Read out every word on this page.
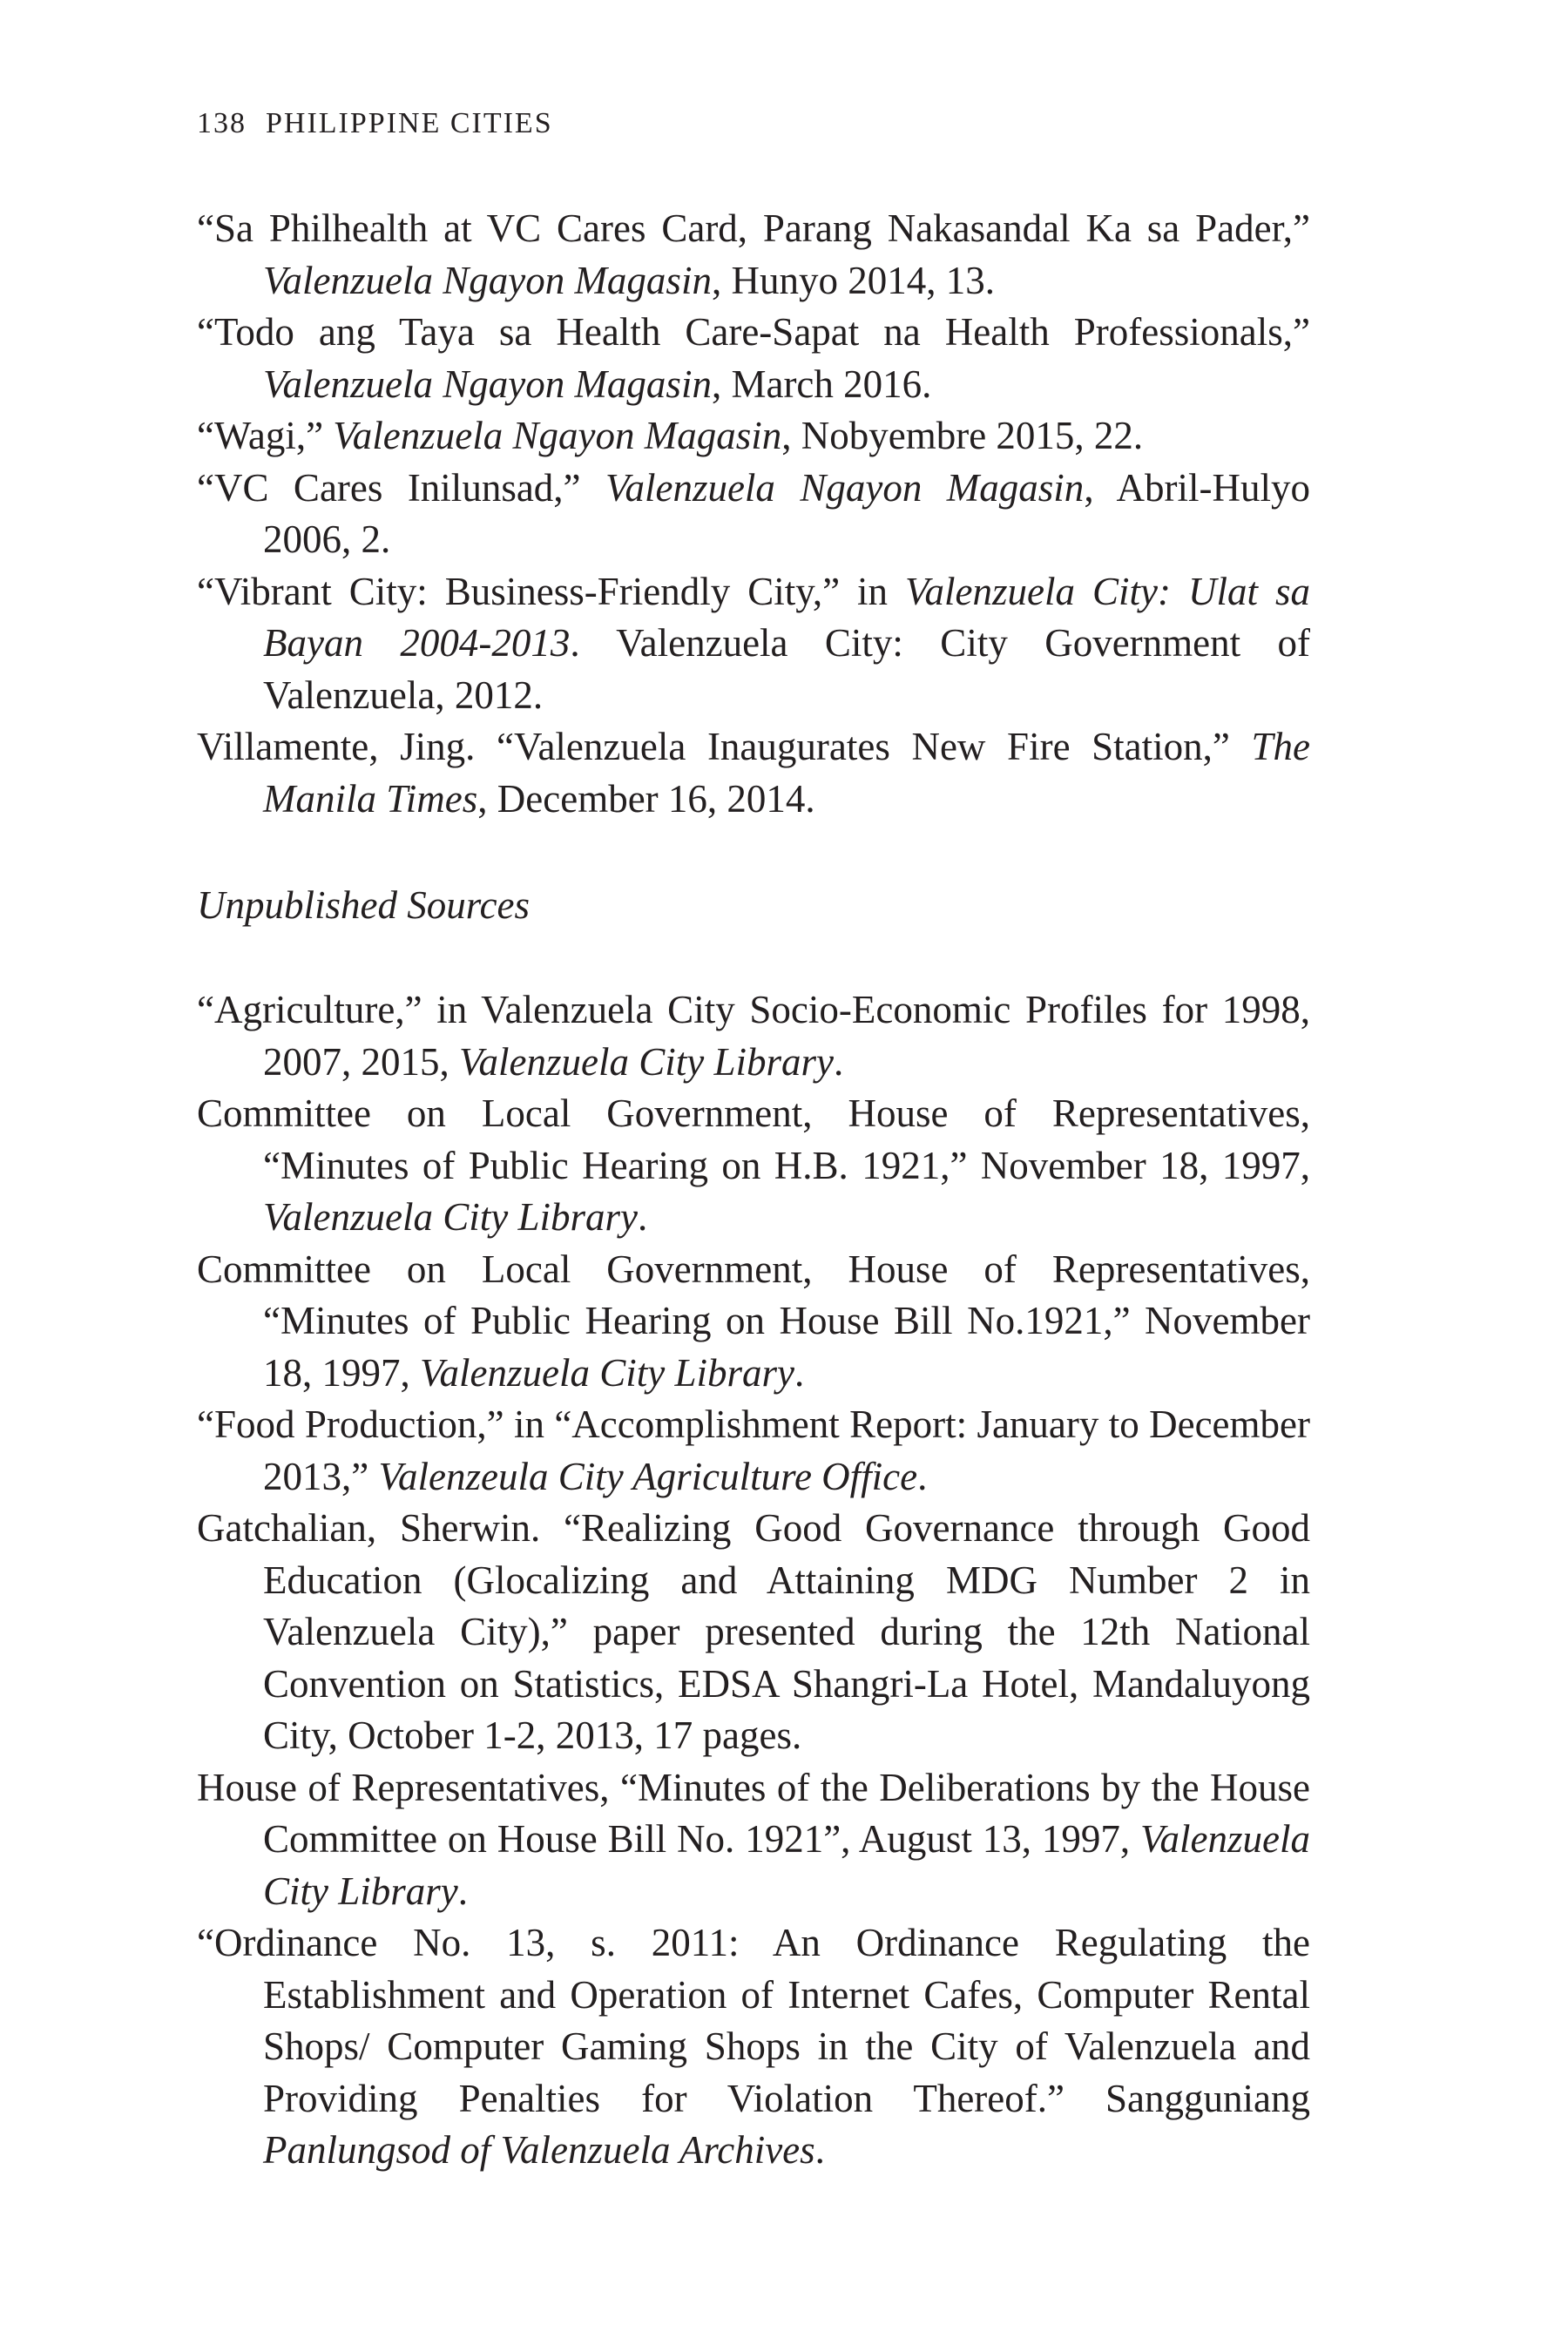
138 PHILIPPINE CITIES

“Sa Philhealth at VC Cares Card, Parang Nakasandal Ka sa Pader,” Valenzuela Ngayon Magasin, Hunyo 2014, 13.

“Todo ang Taya sa Health Care-Sapat na Health Professionals,” Valenzuela Ngayon Magasin, March 2016.

“Wagi,” Valenzuela Ngayon Magasin, Nobyembre 2015, 22.

“VC Cares Inilunsad,” Valenzuela Ngayon Magasin, Abril-Hulyo 2006, 2.

“Vibrant City: Business-Friendly City,” in Valenzuela City: Ulat sa Bayan 2004-2013. Valenzuela City: City Government of Valenzuela, 2012.

Villamente, Jing. “Valenzuela Inaugurates New Fire Station,” The Manila Times, December 16, 2014.

Unpublished Sources

“Agriculture,” in Valenzuela City Socio-Economic Profiles for 1998, 2007, 2015, Valenzuela City Library.

Committee on Local Government, House of Representatives, “Minutes of Public Hearing on H.B. 1921,” November 18, 1997, Valenzuela City Library.

Committee on Local Government, House of Representatives, “Minutes of Public Hearing on House Bill No.1921,” November 18, 1997, Valenzuela City Library.

“Food Production,” in “Accomplishment Report: January to December 2013,” Valenzeula City Agriculture Office.

Gatchalian, Sherwin. “Realizing Good Governance through Good Education (Glocalizing and Attaining MDG Number 2 in Valenzuela City),” paper presented during the 12th National Convention on Statistics, EDSA Shangri-La Hotel, Mandaluyong City, October 1-2, 2013, 17 pages.

House of Representatives, “Minutes of the Deliberations by the House Committee on House Bill No. 1921”, August 13, 1997, Valenzuela City Library.

“Ordinance No. 13, s. 2011: An Ordinance Regulating the Establishment and Operation of Internet Cafes, Computer Rental Shops/ Computer Gaming Shops in the City of Valenzuela and Providing Penalties for Violation Thereof.” Sangguniang Panlungsod of Valenzuela Archives.
